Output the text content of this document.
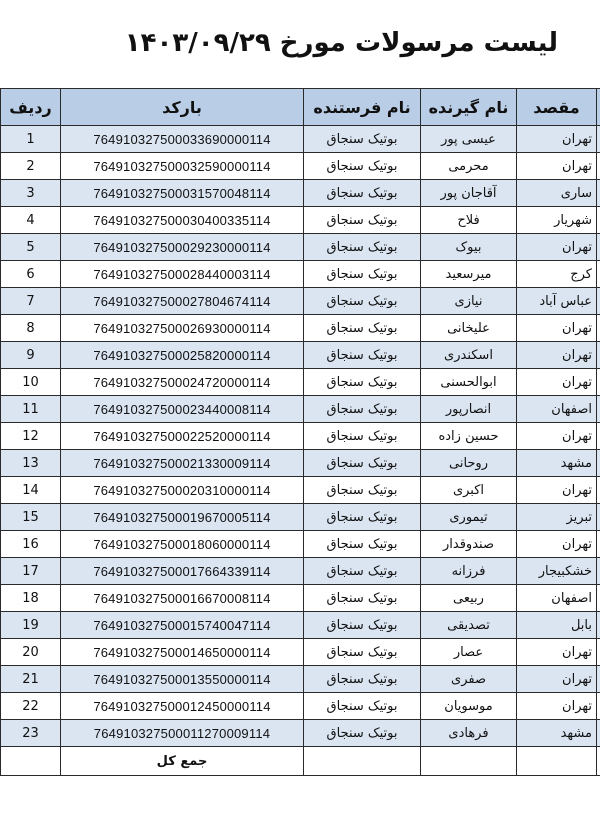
لیست مرسولات مورخ ۱۴۰۳/۰۹/۲۹
ردیف	بارکد	نام فرستنده	نام گیرنده	مقصد	
1	764910327500033690000114	بوتیک سنجاق	عیسی پور	تهران	
2	764910327500032590000114	بوتیک سنجاق	محرمی	تهران	
3	764910327500031570048114	بوتیک سنجاق	آقاجان پور	ساری	
4	764910327500030400335114	بوتیک سنجاق	فلاح	شهریار	
5	764910327500029230000114	بوتیک سنجاق	بیوک	تهران	
6	764910327500028440003114	بوتیک سنجاق	میرسعید	کرج	
7	764910327500027804674114	بوتیک سنجاق	نیازی	عباس آباد	
8	764910327500026930000114	بوتیک سنجاق	علیخانی	تهران	
9	764910327500025820000114	بوتیک سنجاق	اسکندری	تهران	
10	764910327500024720000114	بوتیک سنجاق	ابوالحسنی	تهران	
11	764910327500023440008114	بوتیک سنجاق	انصارپور	اصفهان	
12	764910327500022520000114	بوتیک سنجاق	حسین زاده	تهران	
13	764910327500021330009114	بوتیک سنجاق	روحانی	مشهد	
14	764910327500020310000114	بوتیک سنجاق	اکبری	تهران	
15	764910327500019670005114	بوتیک سنجاق	تیموری	تبریز	
16	764910327500018060000114	بوتیک سنجاق	صندوقدار	تهران	
17	764910327500017664339114	بوتیک سنجاق	فرزانه	خشکبیجار	
18	764910327500016670008114	بوتیک سنجاق	ربیعی	اصفهان	
19	764910327500015740047114	بوتیک سنجاق	تصدیقی	بابل	
20	764910327500014650000114	بوتیک سنجاق	عصار	تهران	
21	764910327500013550000114	بوتیک سنجاق	صفری	تهران	
22	764910327500012450000114	بوتیک سنجاق	موسویان	تهران	
23	764910327500011270009114	بوتیک سنجاق	فرهادی	مشهد	
	جمع کل				
